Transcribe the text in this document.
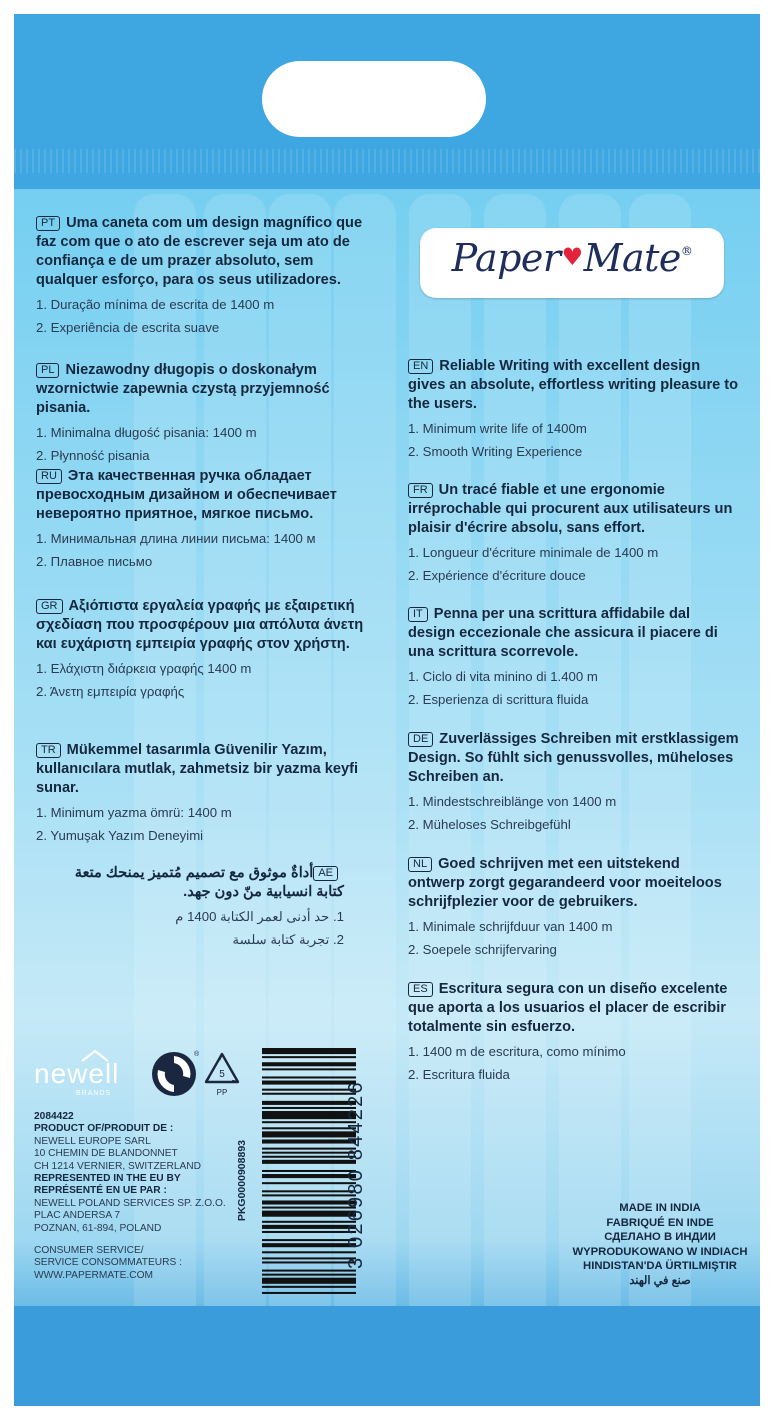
Paper♥Mate®
newell
BRANDS
®
5
PP	3 026980 844226
PKG0000908893
2084422
PRODUCT OF/PRODUIT DE :
NEWELL EUROPE SARL
10 CHEMIN DE BLANDONNET
CH 1214 VERNIER, SWITZERLAND
REPRESENTED IN THE EU BY
REPRÉSENTÉ EN UE PAR :
NEWELL POLAND SERVICES SP. Z.O.O.
PLAC ANDERSA 7
POZNAN, 61-894, POLAND
CONSUMER SERVICE/
SERVICE CONSOMMATEURS :
WWW.PAPERMATE.COM
MADE IN INDIA
FABRIQUÉ EN INDE
СДЕЛАНО В ИНДИИ
WYPRODUKOWANO W INDIACH
HINDISTAN'DA ÜRTILMIŞTIR
صنع في الهند
PT Uma caneta com um design magnífico que faz com que o ato de escrever seja um ato de confiança e de um prazer absoluto, sem qualquer esforço, para os seus utilizadores.
1. Duração mínima de escrita de 1400 m
2. Experiência de escrita suave
PL Niezawodny długopis o doskonałym wzornictwie zapewnia czystą przyjemność pisania.
1. Minimalna długość pisania: 1400 m
2. Płynność pisania
RU Эта качественная ручка обладает превосходным дизайном и обеспечивает невероятно приятное, мягкое письмо.
1. Минимальная длина линии письма: 1400 м
2. Плавное письмо
GR Αξιόπιστα εργαλεία γραφής με εξαιρετική σχεδίαση που προσφέρουν μια απόλυτα άνετη και ευχάριστη εμπειρία γραφής στον χρήστη.
1. Ελάχιστη διάρκεια γραφής 1400 m
2. Άνετη εμπειρία γραφής
TR Mükemmel tasarımla Güvenilir Yazım, kullanıcılara mutlak, zahmetsiz bir yazma keyfi sunar.
1. Minimum yazma ömrü: 1400 m
2. Yumuşak Yazım Deneyimi
AEأداةٌ موثوق مع تصميم مُتميز يمنحك متعة كتابة انسيابية منّ دون جهد.
1. حد أدنى لعمر الكتابة 1400 م
2. تجربة كتابة سلسة
EN Reliable Writing with excellent design gives an absolute, effortless writing pleasure to the users.
1. Minimum write life of 1400m
2. Smooth Writing Experience
FR Un tracé fiable et une ergonomie irréprochable qui procurent aux utilisateurs un plaisir d'écrire absolu, sans effort.
1. Longueur d'écriture minimale de 1400 m
2. Expérience d'écriture douce
IT Penna per una scrittura affidabile dal design eccezionale che assicura il piacere di una scrittura scorrevole.
1. Ciclo di vita minino di 1.400 m
2. Esperienza di scrittura fluida
DE Zuverlässiges Schreiben mit erstklassigem Design. So fühlt sich genussvolles, müheloses Schreiben an.
1. Mindestschreiblänge von 1400 m
2. Müheloses Schreibgefühl
NL Goed schrijven met een uitstekend ontwerp zorgt gegarandeerd voor moeiteloos schrijfplezier voor de gebruikers.
1. Minimale schrijfduur van 1400 m
2. Soepele schrijfervaring
ES Escritura segura con un diseño excelente que aporta a los usuarios el placer de escribir totalmente sin esfuerzo.
1. 1400 m de escritura, como mínimo
2. Escritura fluida
